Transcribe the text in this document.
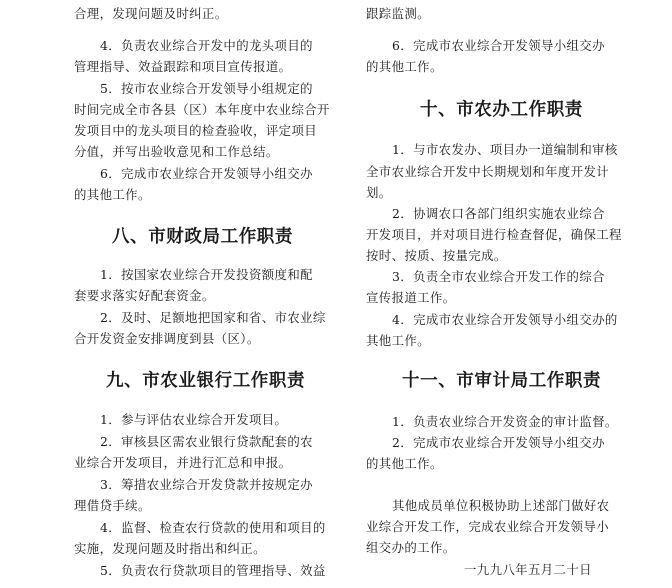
合理，发现问题及时纠正。
4．负责农业综合开发中的龙头项目的
管理指导、效益跟踪和项目宣传报道。
5．按市农业综合开发领导小组规定的
时间完成全市各县（区）本年度中农业综合开
发项目中的龙头项目的检查验收，评定项目
分值，并写出验收意见和工作总结。
6．完成市农业综合开发领导小组交办
的其他工作。
八、市财政局工作职责
1．按国家农业综合开发投资额度和配
套要求落实好配套资金。
2．及时、足额地把国家和省、市农业综
合开发资金安排调度到县（区）。
九、市农业银行工作职责
1．参与评估农业综合开发项目。
2．审核县区需农业银行贷款配套的农
业综合开发项目，并进行汇总和申报。
3．筹措农业综合开发贷款并按规定办
理借贷手续。
4．监督、检查农行贷款的使用和项目的
实施，发现问题及时指出和纠正。
5．负责农行贷款项目的管理指导、效益
跟踪监测。
6．完成市农业综合开发领导小组交办
的其他工作。
十、市农办工作职责
1．与市农发办、项目办一道编制和审核
全市农业综合开发中长期规划和年度开发计
划。
2．协调农口各部门组织实施农业综合
开发项目，并对项目进行检查督促，确保工程
按时、按质、按量完成。
3．负责全市农业综合开发工作的综合
宣传报道工作。
4．完成市农业综合开发领导小组交办的
其他工作。
十一、市审计局工作职责
1．负责农业综合开发资金的审计监督。
2．完成市农业综合开发领导小组交办
的其他工作。
其他成员单位积极协助上述部门做好农
业综合开发工作，完成农业综合开发领导小
组交办的工作。
一九九八年五月二十日
